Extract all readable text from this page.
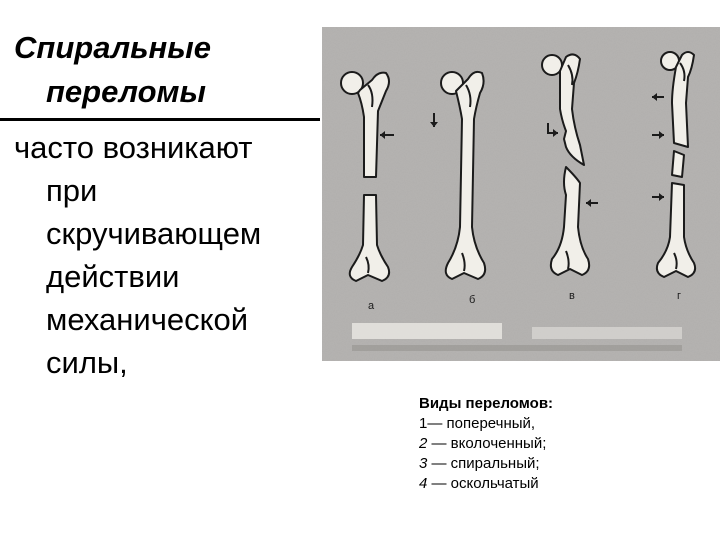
Спиральные
переломы
часто возникают
при
скручивающем
действии
механической
силы,
а	б	в	г
Виды переломов:
1— поперечный,
2 — вколоченный;
3 — спиральный;
4 — оскольчатый
